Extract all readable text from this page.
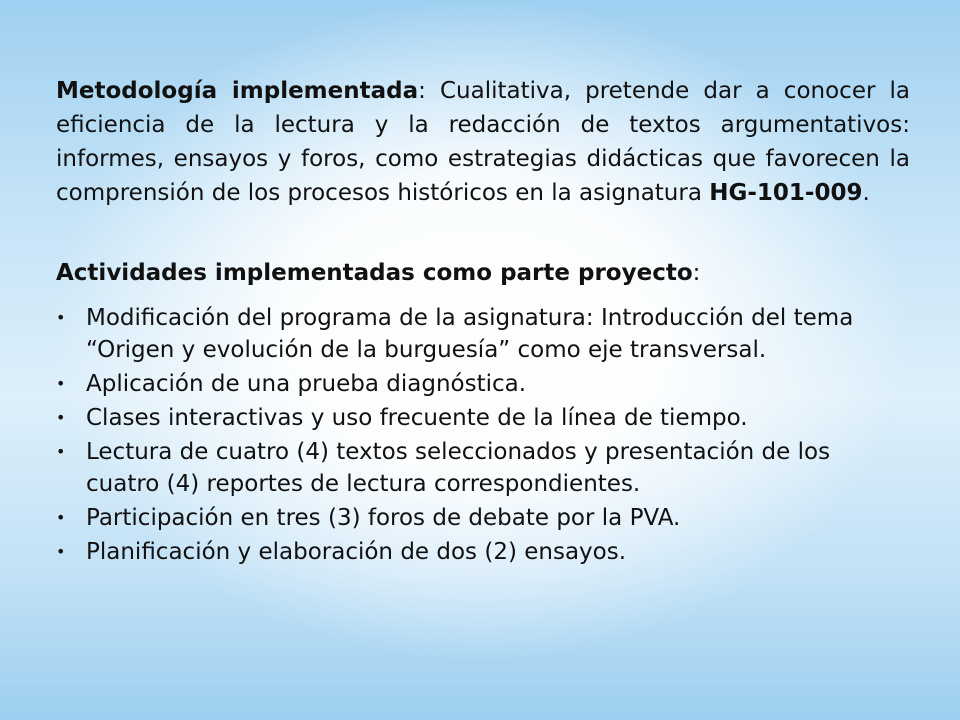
Metodología implementada: Cualitativa, pretende dar a conocer la eficiencia de la lectura y la redacción de textos argumentativos: informes, ensayos y foros, como estrategias didácticas que favorecen la comprensión de los procesos históricos en la asignatura HG-101-009.

Actividades implementadas como parte proyecto:

• Modificación del programa de la asignatura: Introducción del tema “Origen y evolución de la burguesía” como eje transversal.
• Aplicación de una prueba diagnóstica.
• Clases interactivas y uso frecuente de la línea de tiempo.
• Lectura de cuatro (4) textos seleccionados y presentación de los cuatro (4) reportes de lectura correspondientes.
• Participación en tres (3) foros de debate por la PVA.
• Planificación y elaboración de dos (2) ensayos.
